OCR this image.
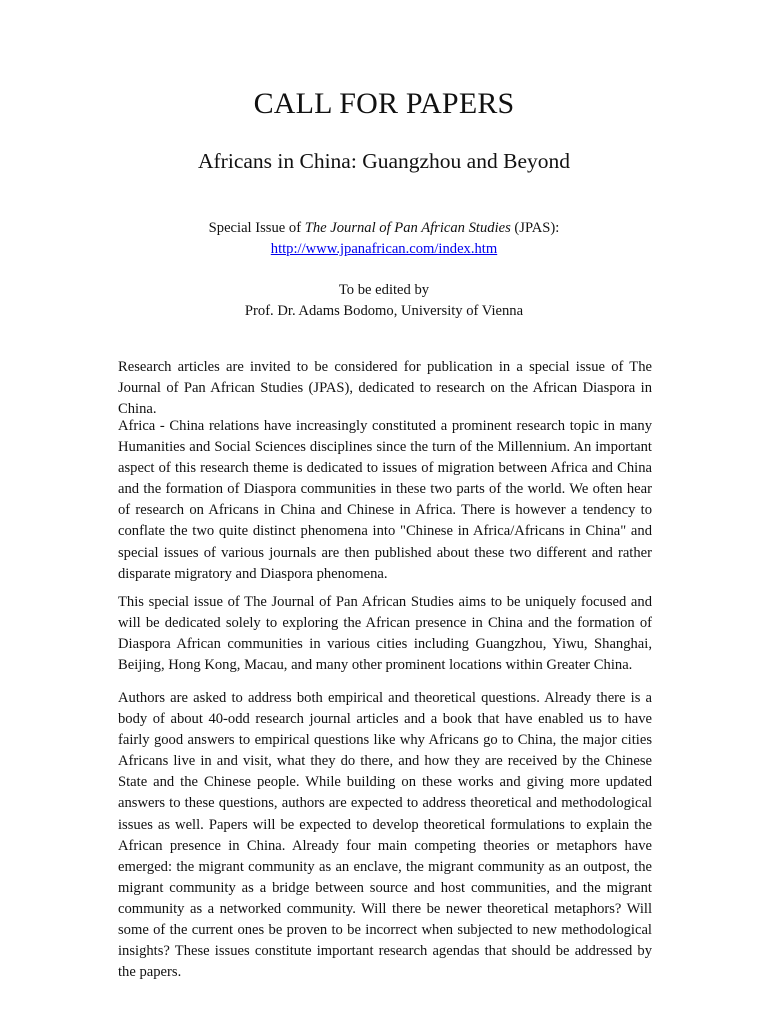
CALL FOR PAPERS
Africans in China: Guangzhou and Beyond
Special Issue of The Journal of Pan African Studies (JPAS):
http://www.jpanafrican.com/index.htm
To be edited by
Prof. Dr. Adams Bodomo, University of Vienna

Research articles are invited to be considered for publication in a special issue of The Journal of Pan African Studies (JPAS), dedicated to research on the African Diaspora in China.

Africa - China relations have increasingly constituted a prominent research topic in many Humanities and Social Sciences disciplines since the turn of the Millennium. An important aspect of this research theme is dedicated to issues of migration between Africa and China and the formation of Diaspora communities in these two parts of the world. We often hear of research on Africans in China and Chinese in Africa. There is however a tendency to conflate the two quite distinct phenomena into "Chinese in Africa/Africans in China" and special issues of various journals are then published about these two different and rather disparate migratory and Diaspora phenomena.

This special issue of The Journal of Pan African Studies aims to be uniquely focused and will be dedicated solely to exploring the African presence in China and the formation of Diaspora African communities in various cities including Guangzhou, Yiwu, Shanghai, Beijing, Hong Kong, Macau, and many other prominent locations within Greater China.

Authors are asked to address both empirical and theoretical questions. Already there is a body of about 40-odd research journal articles and a book that have enabled us to have fairly good answers to empirical questions like why Africans go to China, the major cities Africans live in and visit, what they do there, and how they are received by the Chinese State and the Chinese people. While building on these works and giving more updated answers to these questions, authors are expected to address theoretical and methodological issues as well. Papers will be expected to develop theoretical formulations to explain the African presence in China. Already four main competing theories or metaphors have emerged: the migrant community as an enclave, the migrant community as an outpost, the migrant community as a bridge between source and host communities, and the migrant community as a networked community. Will there be newer theoretical metaphors? Will some of the current ones be proven to be incorrect when subjected to new methodological insights? These issues constitute important research agendas that should be addressed by the papers.
